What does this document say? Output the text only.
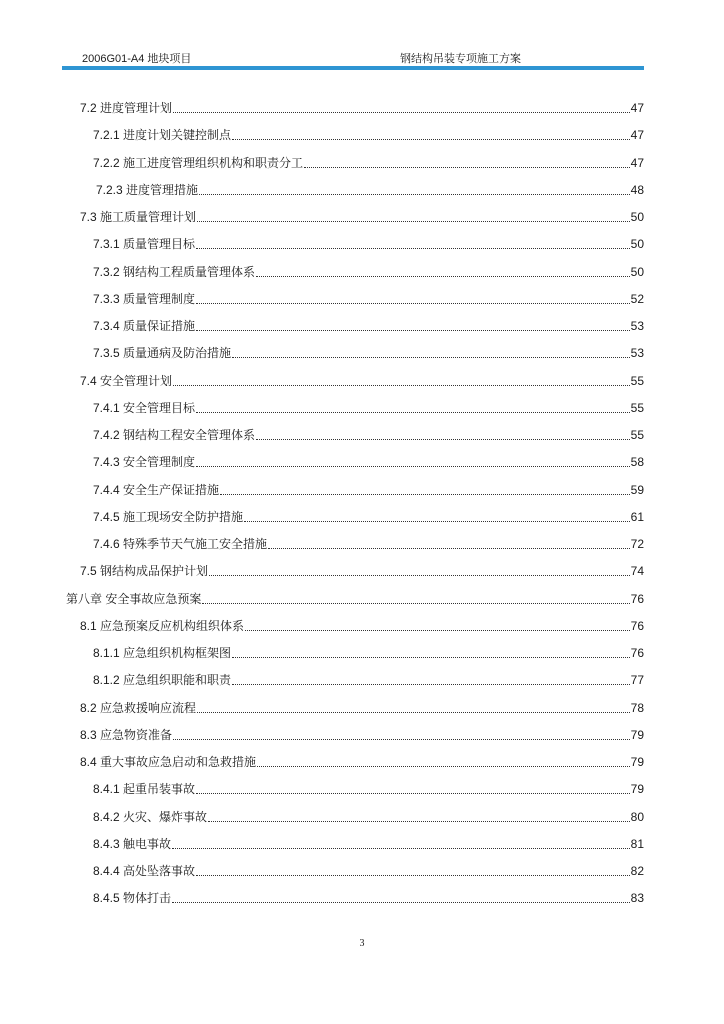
2006G01-A4 地块项目	钢结构吊装专项施工方案
7.2 进度管理计划	47
7.2.1 进度计划关键控制点	47
7.2.2 施工进度管理组织机构和职责分工	47
7.2.3 进度管理措施	48
7.3 施工质量管理计划	50
7.3.1 质量管理目标	50
7.3.2 钢结构工程质量管理体系	50
7.3.3 质量管理制度	52
7.3.4 质量保证措施	53
7.3.5 质量通病及防治措施	53
7.4 安全管理计划	55
7.4.1 安全管理目标	55
7.4.2 钢结构工程安全管理体系	55
7.4.3 安全管理制度	58
7.4.4 安全生产保证措施	59
7.4.5 施工现场安全防护措施	61
7.4.6 特殊季节天气施工安全措施	72
7.5 钢结构成品保护计划	74
第八章 安全事故应急预案	76
8.1 应急预案反应机构组织体系	76
8.1.1 应急组织机构框架图	76
8.1.2 应急组织职能和职责	77
8.2 应急救援响应流程	78
8.3 应急物资准备	79
8.4 重大事故应急启动和急救措施	79
8.4.1 起重吊装事故	79
8.4.2 火灾、爆炸事故	80
8.4.3 触电事故	81
8.4.4 高处坠落事故	82
8.4.5 物体打击	83
3
